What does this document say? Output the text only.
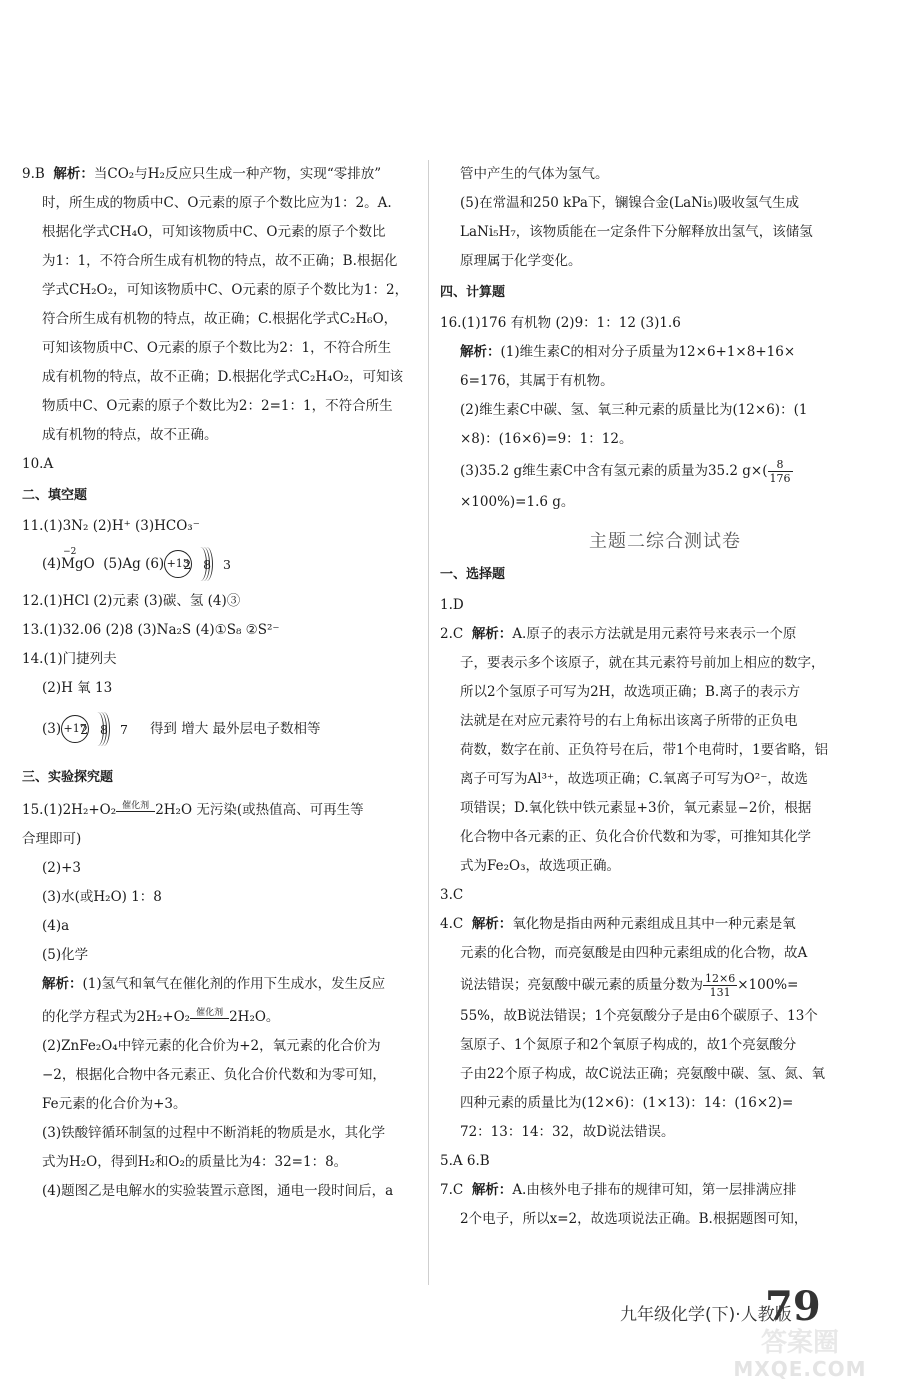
9.B 解析：当CO₂与H₂反应只生成一种产物，实现“零排放”

时，所生成的物质中C、O元素的原子个数比应为1：2。A.

根据化学式CH₄O，可知该物质中C、O元素的原子个数比

为1：1，不符合所生成有机物的特点，故不正确；B.根据化

学式CH₂O₂，可知该物质中C、O元素的原子个数比为1：2，

符合所生成有机物的特点，故正确；C.根据化学式C₂H₆O，

可知该物质中C、O元素的原子个数比为2：1，不符合所生

成有机物的特点，故不正确；D.根据化学式C₂H₄O₂，可知该

物质中C、O元素的原子个数比为2：2=1：1，不符合所生

成有机物的特点，故不正确。

10.A

二、填空题

11.(1)3N₂ (2)H⁺ (3)HCO₃⁻

(4)
−2
MgO
(5)Ag (6) +13
2 8 3

12.(1)HCl (2)元素 (3)碳、氢 (4)③

13.(1)32.06 (2)8 (3)Na₂S (4)①S₈ ②S²⁻

14.(1)门捷列夫

(2)H 氧 13

(3) +17
2 8 7 得到 增大 最外层电子数相等

三、实验探究题

15.(1)2H₂+O₂ 催化剂 2H₂O 无污染(或热值高、可再生等

合理即可)

(2)+3

(3)水(或H₂O) 1：8

(4)a

(5)化学

解析：(1)氢气和氧气在催化剂的作用下生成水，发生反应

的化学方程式为2H₂+O₂ 催化剂 2H₂O。

(2)ZnFe₂O₄中锌元素的化合价为+2，氧元素的化合价为

−2，根据化合物中各元素正、负化合价代数和为零可知，

Fe元素的化合价为+3。

(3)铁酸锌循环制氢的过程中不断消耗的物质是水，其化学

式为H₂O，得到H₂和O₂的质量比为4：32=1：8。

(4)题图乙是电解水的实验装置示意图，通电一段时间后，a

管中产生的气体为氢气。

(5)在常温和250 kPa下，镧镍合金(LaNi₅)吸收氢气生成

LaNi₅H₇，该物质能在一定条件下分解释放出氢气，该储氢

原理属于化学变化。

四、计算题

16.(1)176 有机物 (2)9：1：12 (3)1.6

解析：(1)维生素C的相对分子质量为12×6+1×8+16×

6=176，其属于有机物。

(2)维生素C中碳、氢、氧三种元素的质量比为(12×6)：(1

×8)：(16×6)=9：1：12。

(3)35.2 g维生素C中含有氢元素的质量为35.2 $g\times( \frac{8}{176}$

×100%)=1.6 g。

主题二综合测试卷

一、选择题

1.D

2.C 解析：A.原子的表示方法就是用元素符号来表示一个原

子，要表示多个该原子，就在其元素符号前加上相应的数字，

所以2个氢原子可写为2H，故选项正确；B.离子的表示方

法就是在对应元素符号的右上角标出该离子所带的正负电

荷数，数字在前、正负符号在后，带1个电荷时，1要省略，铝

离子可写为Al³⁺，故选项正确；C.氧离子可写为O²⁻，故选

项错误；D.氧化铁中铁元素显+3价，氧元素显−2价，根据

化合物中各元素的正、负化合价代数和为零，可推知其化学

式为Fe₂O₃，故选项正确。

3.C

4.C 解析：氧化物是指由两种元素组成且其中一种元素是氧

元素的化合物，而亮氨酸是由四种元素组成的化合物，故A

说法错误；亮氨酸中碳元素的质量分数为 $\frac{12\times 6}{131} \times 100\%=$

55%，故B说法错误；1个亮氨酸分子是由6个碳原子、13个

氢原子、1个氮原子和2个氧原子构成的，故1个亮氨酸分

子由22个原子构成，故C说法正确；亮氨酸中碳、氢、氮、氧

四种元素的质量比为(12×6)：(1×13)：14：(16×2)=

72：13：14：32，故D说法错误。

5.A 6.B

7.C 解析：A.由核外电子排布的规律可知，第一层排满应排

2个电子，所以x=2，故选项说法正确。B.根据题图可知，

九年级化学(下)·人教版
79
答案圈
MXQE.COM
